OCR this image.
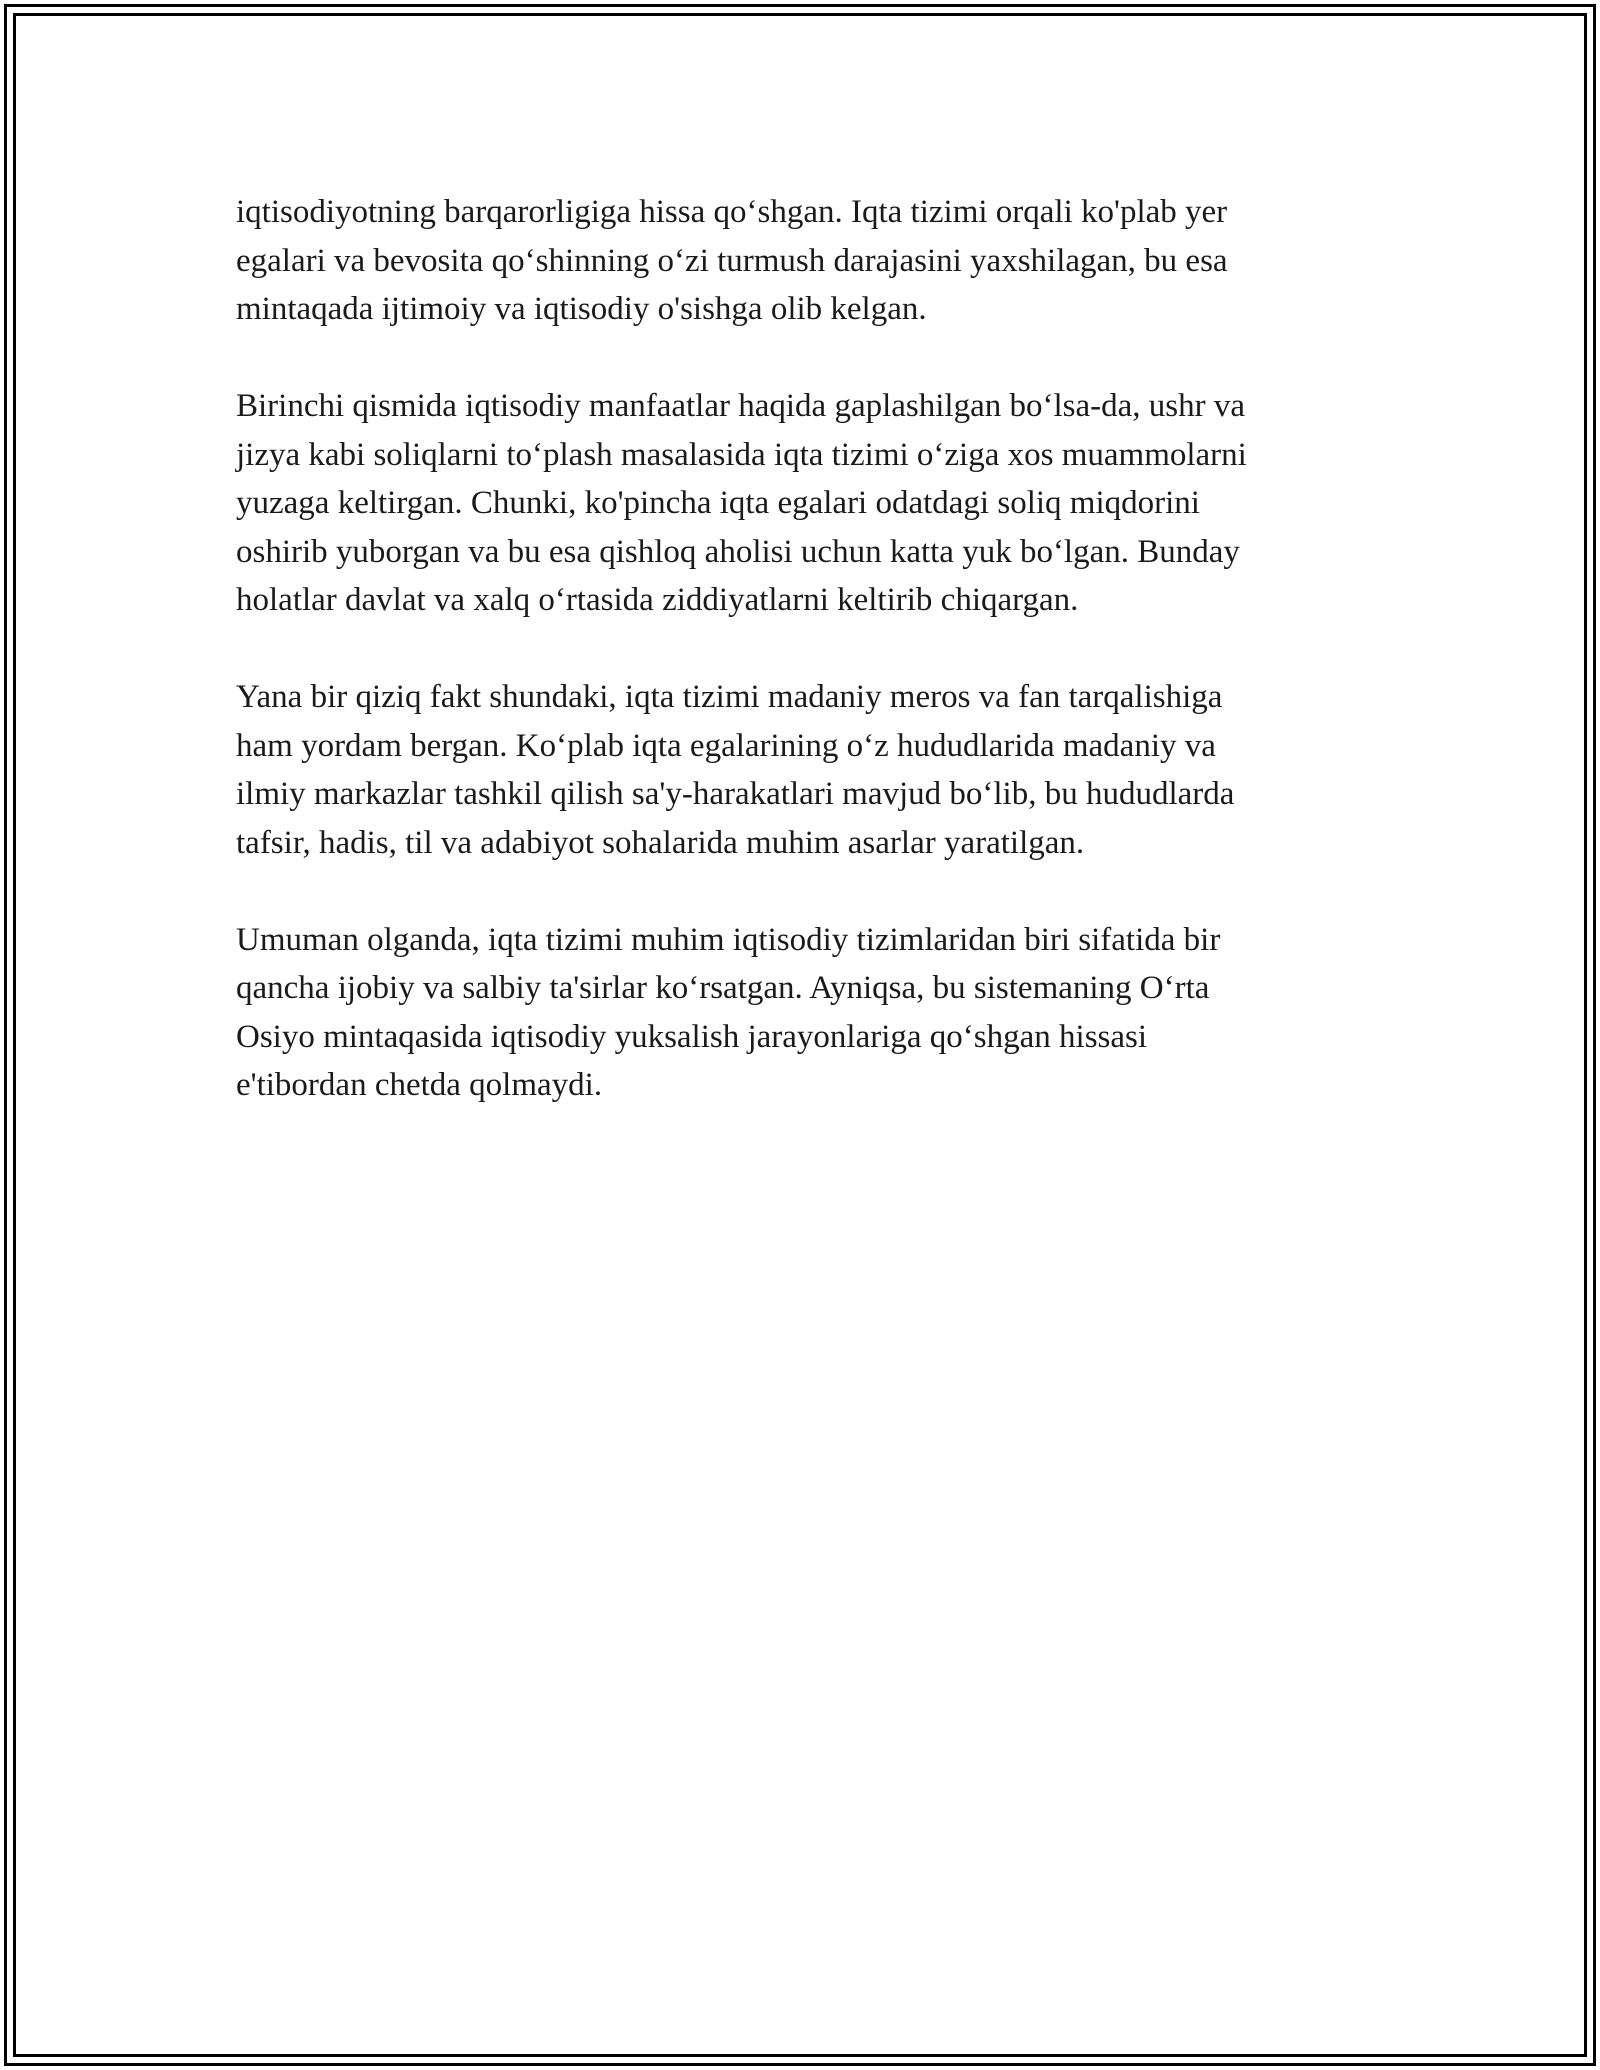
iqtisodiyotning barqarorligiga hissa qo‘shgan. Iqta tizimi orqali ko'plab yer
egalari va bevosita qo‘shinning o‘zi turmush darajasini yaxshilagan, bu esa
mintaqada ijtimoiy va iqtisodiy o'sishga olib kelgan.

Birinchi qismida iqtisodiy manfaatlar haqida gaplashilgan bo‘lsa-da, ushr va
jizya kabi soliqlarni to‘plash masalasida iqta tizimi o‘ziga xos muammolarni
yuzaga keltirgan. Chunki, ko'pincha iqta egalari odatdagi soliq miqdorini
oshirib yuborgan va bu esa qishloq aholisi uchun katta yuk bo‘lgan. Bunday
holatlar davlat va xalq o‘rtasida ziddiyatlarni keltirib chiqargan.

Yana bir qiziq fakt shundaki, iqta tizimi madaniy meros va fan tarqalishiga
ham yordam bergan. Ko‘plab iqta egalarining o‘z hududlarida madaniy va
ilmiy markazlar tashkil qilish sa'y-harakatlari mavjud bo‘lib, bu hududlarda
tafsir, hadis, til va adabiyot sohalarida muhim asarlar yaratilgan.

Umuman olganda, iqta tizimi muhim iqtisodiy tizimlaridan biri sifatida bir
qancha ijobiy va salbiy ta'sirlar ko‘rsatgan. Ayniqsa, bu sistemaning O‘rta
Osiyo mintaqasida iqtisodiy yuksalish jarayonlariga qo‘shgan hissasi
e'tibordan chetda qolmaydi.
